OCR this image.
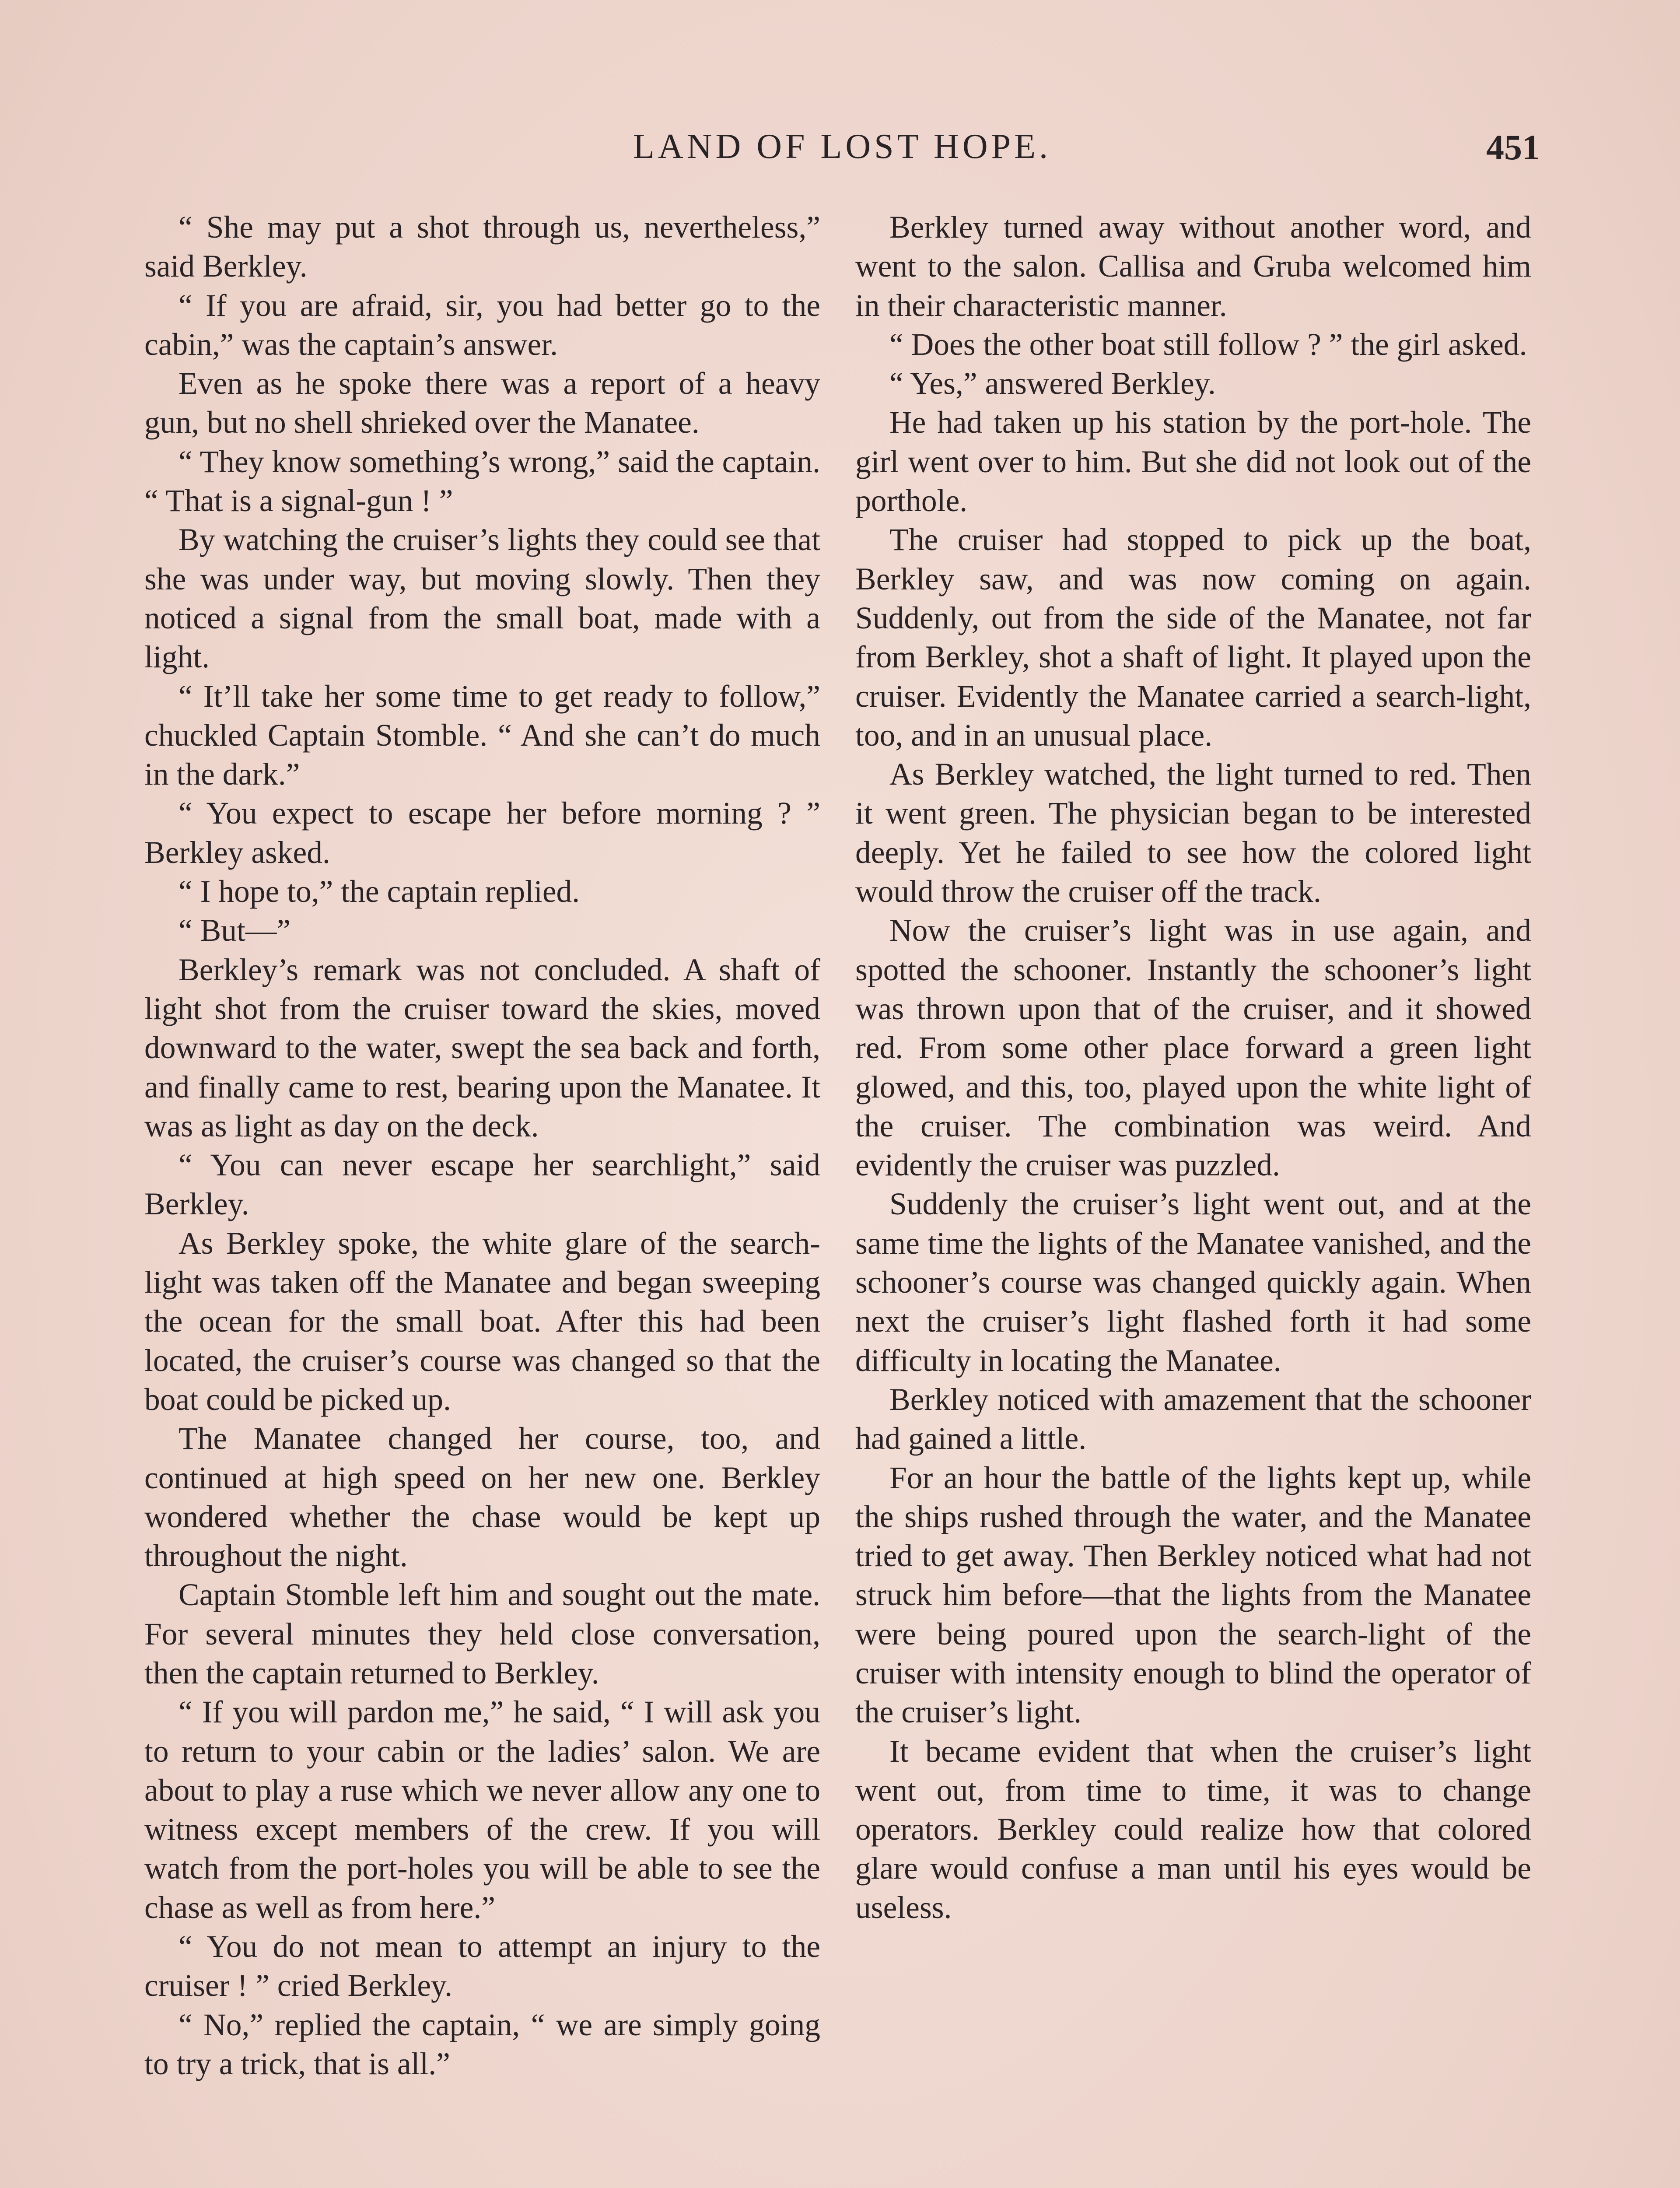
LAND OF LOST HOPE.	451

“ She may put a shot through us, nevertheless,” said Berkley.

“ If you are afraid, sir, you had better go to the cabin,” was the captain’s answer.

Even as he spoke there was a report of a heavy gun, but no shell shrieked over the Manatee.

“ They know something’s wrong,” said the captain. “ That is a signal-gun ! ”

By watching the cruiser’s lights they could see that she was under way, but moving slowly. Then they noticed a signal from the small boat, made with a light.

“ It’ll take her some time to get ready to follow,” chuckled Captain Stomble. “ And she can’t do much in the dark.”

“ You expect to escape her before morning ? ” Berkley asked.

“ I hope to,” the captain replied.

“ But—”

Berkley’s remark was not concluded. A shaft of light shot from the cruiser toward the skies, moved downward to the water, swept the sea back and forth, and finally came to rest, bearing upon the Manatee. It was as light as day on the deck.

“ You can never escape her searchlight,” said Berkley.

As Berkley spoke, the white glare of the search-light was taken off the Manatee and began sweeping the ocean for the small boat. After this had been located, the cruiser’s course was changed so that the boat could be picked up.

The Manatee changed her course, too, and continued at high speed on her new one. Berkley wondered whether the chase would be kept up throughout the night.

Captain Stomble left him and sought out the mate. For several minutes they held close conversation, then the captain returned to Berkley.

“ If you will pardon me,” he said, “ I will ask you to return to your cabin or the ladies’ salon. We are about to play a ruse which we never allow any one to witness except members of the crew. If you will watch from the port-holes you will be able to see the chase as well as from here.”

“ You do not mean to attempt an injury to the cruiser ! ” cried Berkley.

“ No,” replied the captain, “ we are simply going to try a trick, that is all.”

Berkley turned away without another word, and went to the salon. Callisa and Gruba welcomed him in their characteristic manner.

“ Does the other boat still follow ? ” the girl asked.

“ Yes,” answered Berkley.

He had taken up his station by the port-hole. The girl went over to him. But she did not look out of the porthole.

The cruiser had stopped to pick up the boat, Berkley saw, and was now coming on again. Suddenly, out from the side of the Manatee, not far from Berkley, shot a shaft of light. It played upon the cruiser. Evidently the Manatee carried a search-light, too, and in an unusual place.

As Berkley watched, the light turned to red. Then it went green. The physician began to be interested deeply. Yet he failed to see how the colored light would throw the cruiser off the track.

Now the cruiser’s light was in use again, and spotted the schooner. Instantly the schooner’s light was thrown upon that of the cruiser, and it showed red. From some other place forward a green light glowed, and this, too, played upon the white light of the cruiser. The combination was weird. And evidently the cruiser was puzzled.

Suddenly the cruiser’s light went out, and at the same time the lights of the Manatee vanished, and the schooner’s course was changed quickly again. When next the cruiser’s light flashed forth it had some difficulty in locating the Manatee.

Berkley noticed with amazement that the schooner had gained a little.

For an hour the battle of the lights kept up, while the ships rushed through the water, and the Manatee tried to get away. Then Berkley noticed what had not struck him before—that the lights from the Manatee were being poured upon the search-light of the cruiser with intensity enough to blind the operator of the cruiser’s light.

It became evident that when the cruiser’s light went out, from time to time, it was to change operators. Berkley could realize how that colored glare would confuse a man until his eyes would be useless.
